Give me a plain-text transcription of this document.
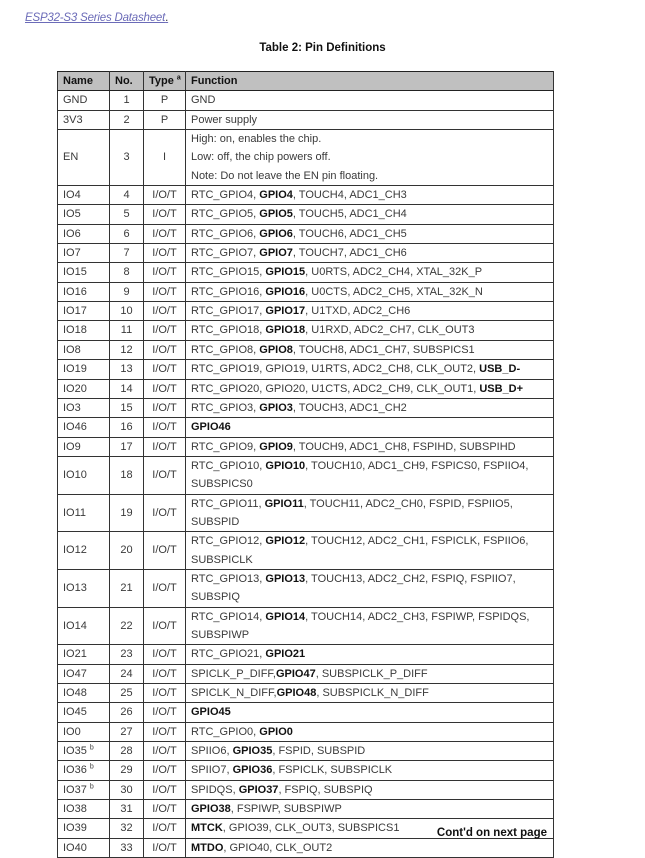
ESP32-S3 Series Datasheet.
Table 2: Pin Definitions
Name	No.	Type $^a$	Function
GND	1	P	GND

3V3	2	P	Power supply

EN	3	I	High: on, enables the chip.
Low: off, the chip powers off.
Note: Do not leave the EN pin floating.

IO4	4	I/O/T	RTC_GPIO4, GPIO4, TOUCH4, ADC1_CH3

IO5	5	I/O/T	RTC_GPIO5, GPIO5, TOUCH5, ADC1_CH4

IO6	6	I/O/T	RTC_GPIO6, GPIO6, TOUCH6, ADC1_CH5

IO7	7	I/O/T	RTC_GPIO7, GPIO7, TOUCH7, ADC1_CH6

IO15	8	I/O/T	RTC_GPIO15, GPIO15, U0RTS, ADC2_CH4, XTAL_32K_P

IO16	9	I/O/T	RTC_GPIO16, GPIO16, U0CTS, ADC2_CH5, XTAL_32K_N

IO17	10	I/O/T	RTC_GPIO17, GPIO17, U1TXD, ADC2_CH6

IO18	11	I/O/T	RTC_GPIO18, GPIO18, U1RXD, ADC2_CH7, CLK_OUT3

IO8	12	I/O/T	RTC_GPIO8, GPIO8, TOUCH8, ADC1_CH7, SUBSPICS1

IO19	13	I/O/T	RTC_GPIO19, GPIO19, U1RTS, ADC2_CH8, CLK_OUT2, USB_D-

IO20	14	I/O/T	RTC_GPIO20, GPIO20, U1CTS, ADC2_CH9, CLK_OUT1, USB_D+

IO3	15	I/O/T	RTC_GPIO3, GPIO3, TOUCH3, ADC1_CH2

IO46	16	I/O/T	GPIO46

IO9	17	I/O/T	RTC_GPIO9, GPIO9, TOUCH9, ADC1_CH8, FSPIHD, SUBSPIHD

IO10	18	I/O/T	RTC_GPIO10, GPIO10, TOUCH10, ADC1_CH9, FSPICS0, FSPIIO4,
SUBSPICS0

IO11	19	I/O/T	RTC_GPIO11, GPIO11, TOUCH11, ADC2_CH0, FSPID, FSPIIO5,
SUBSPID

IO12	20	I/O/T	RTC_GPIO12, GPIO12, TOUCH12, ADC2_CH1, FSPICLK, FSPIIO6,
SUBSPICLK

IO13	21	I/O/T	RTC_GPIO13, GPIO13, TOUCH13, ADC2_CH2, FSPIQ, FSPIIO7,
SUBSPIQ

IO14	22	I/O/T	RTC_GPIO14, GPIO14, TOUCH14, ADC2_CH3, FSPIWP, FSPIDQS,
SUBSPIWP

IO21	23	I/O/T	RTC_GPIO21, GPIO21

IO47	24	I/O/T	SPICLK_P_DIFF,GPIO47, SUBSPICLK_P_DIFF

IO48	25	I/O/T	SPICLK_N_DIFF,GPIO48, SUBSPICLK_N_DIFF

IO45	26	I/O/T	GPIO45

IO0	27	I/O/T	RTC_GPIO0, GPIO0

IO35 $^b$	28	I/O/T	SPIIO6, GPIO35, FSPID, SUBSPID

IO36 $^b$	29	I/O/T	SPIIO7, GPIO36, FSPICLK, SUBSPICLK

IO37 $^b$	30	I/O/T	SPIDQS, GPIO37, FSPIQ, SUBSPIQ

IO38	31	I/O/T	GPIO38, FSPIWP, SUBSPIWP

IO39	32	I/O/T	MTCK, GPIO39, CLK_OUT3, SUBSPICS1

IO40	33	I/O/T	MTDO, GPIO40, CLK_OUT2
Cont'd on next page
